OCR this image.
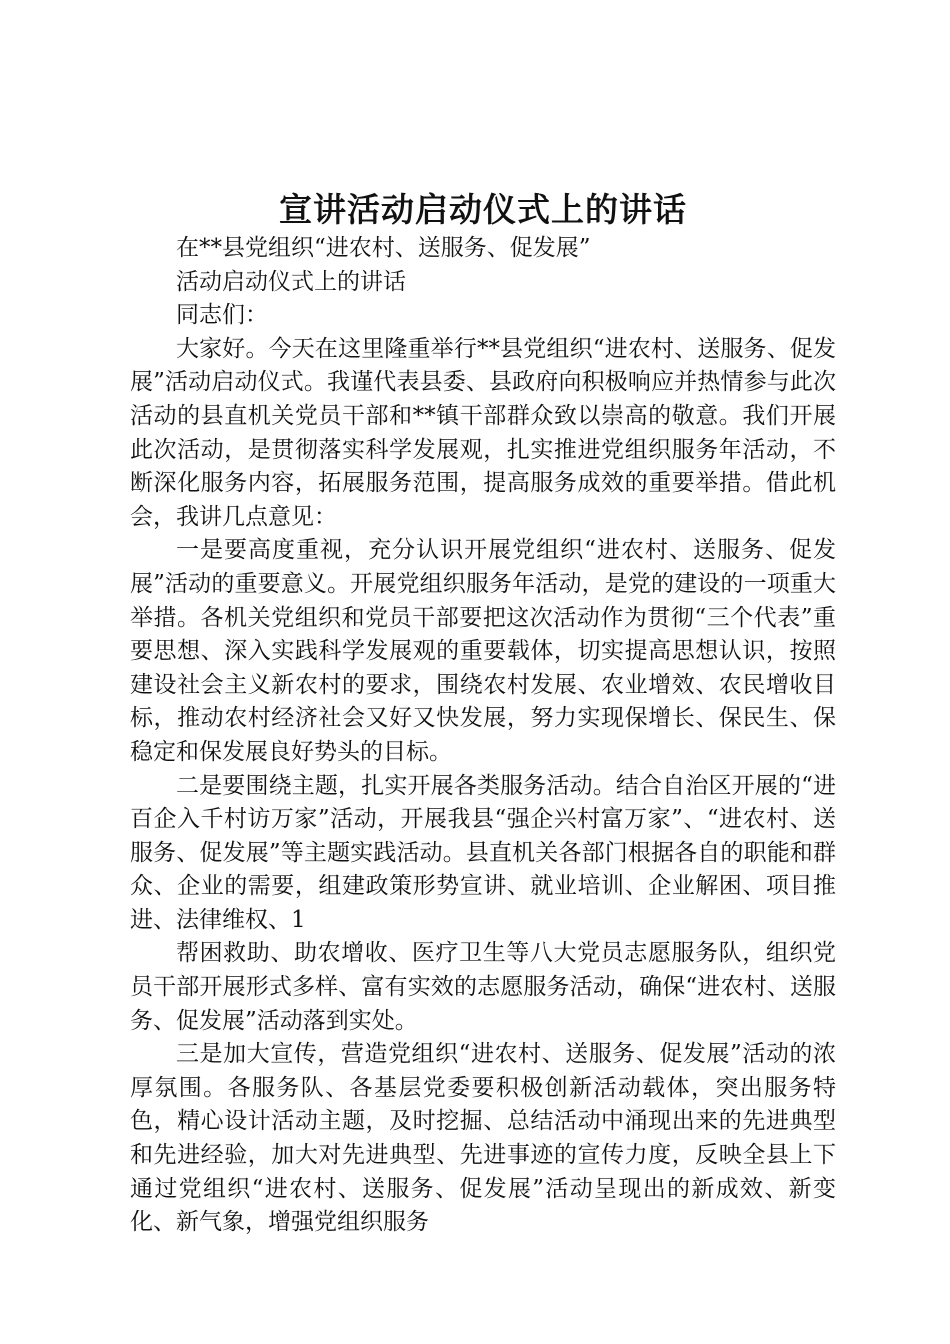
宣讲活动启动仪式上的讲话

在**县党组织“进农村、送服务、促发展”

活动启动仪式上的讲话

同志们：

大家好。今天在这里隆重举行**县党组织“进农村、送服务、促发展”活动启动仪式。我谨代表县委、县政府向积极响应并热情参与此次活动的县直机关党员干部和**镇干部群众致以崇高的敬意。我们开展此次活动，是贯彻落实科学发展观，扎实推进党组织服务年活动，不断深化服务内容，拓展服务范围，提高服务成效的重要举措。借此机会，我讲几点意见：

一是要高度重视，充分认识开展党组织“进农村、送服务、促发展”活动的重要意义。开展党组织服务年活动，是党的建设的一项重大举措。各机关党组织和党员干部要把这次活动作为贯彻“三个代表”重要思想、深入实践科学发展观的重要载体，切实提高思想认识，按照建设社会主义新农村的要求，围绕农村发展、农业增效、农民增收目标，推动农村经济社会又好又快发展，努力实现保增长、保民生、保稳定和保发展良好势头的目标。

二是要围绕主题，扎实开展各类服务活动。结合自治区开展的“进百企入千村访万家”活动，开展我县“强企兴村富万家”、“进农村、送服务、促发展”等主题实践活动。县直机关各部门根据各自的职能和群众、企业的需要，组建政策形势宣讲、就业培训、企业解困、项目推进、法律维权、1

帮困救助、助农增收、医疗卫生等八大党员志愿服务队，组织党员干部开展形式多样、富有实效的志愿服务活动，确保“进农村、送服务、促发展”活动落到实处。

三是加大宣传，营造党组织“进农村、送服务、促发展”活动的浓厚氛围。各服务队、各基层党委要积极创新活动载体，突出服务特色，精心设计活动主题，及时挖掘、总结活动中涌现出来的先进典型和先进经验，加大对先进典型、先进事迹的宣传力度，反映全县上下通过党组织“进农村、送服务、促发展”活动呈现出的新成效、新变化、新气象，增强党组织服务
